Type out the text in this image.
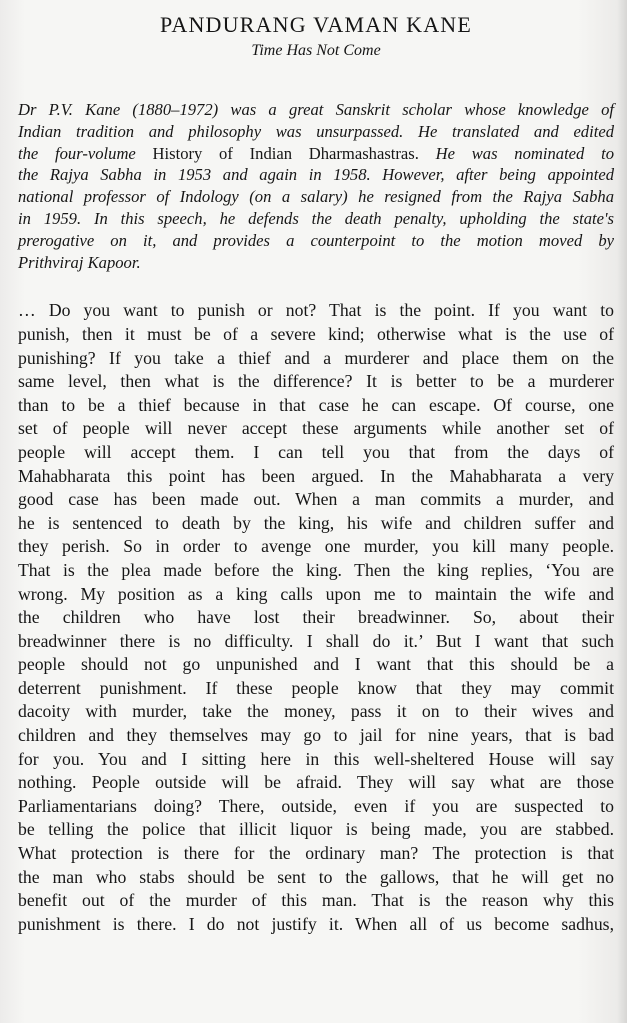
PANDURANG VAMAN KANE
Time Has Not Come
Dr P.V. Kane (1880–1972) was a great Sanskrit scholar whose knowledge of
Indian tradition and philosophy was unsurpassed. He translated and edited
the four-volume History of Indian Dharmashastras. He was nominated to
the Rajya Sabha in 1953 and again in 1958. However, after being appointed
national professor of Indology (on a salary) he resigned from the Rajya Sabha
in 1959. In this speech, he defends the death penalty, upholding the state's
prerogative on it, and provides a counterpoint to the motion moved by
Prithviraj Kapoor.
… Do you want to punish or not? That is the point. If you want to
punish, then it must be of a severe kind; otherwise what is the use of
punishing? If you take a thief and a murderer and place them on the
same level, then what is the difference? It is better to be a murderer
than to be a thief because in that case he can escape. Of course, one
set of people will never accept these arguments while another set of
people will accept them. I can tell you that from the days of
Mahabharata this point has been argued. In the Mahabharata a very
good case has been made out. When a man commits a murder, and
he is sentenced to death by the king, his wife and children suffer and
they perish. So in order to avenge one murder, you kill many people.
That is the plea made before the king. Then the king replies, ‘You are
wrong. My position as a king calls upon me to maintain the wife and
the children who have lost their breadwinner. So, about their
breadwinner there is no difficulty. I shall do it.’ But I want that such
people should not go unpunished and I want that this should be a
deterrent punishment. If these people know that they may commit
dacoity with murder, take the money, pass it on to their wives and
children and they themselves may go to jail for nine years, that is bad
for you. You and I sitting here in this well-sheltered House will say
nothing. People outside will be afraid. They will say what are those
Parliamentarians doing? There, outside, even if you are suspected to
be telling the police that illicit liquor is being made, you are stabbed.
What protection is there for the ordinary man? The protection is that
the man who stabs should be sent to the gallows, that he will get no
benefit out of the murder of this man. That is the reason why this
punishment is there. I do not justify it. When all of us become sadhus,
